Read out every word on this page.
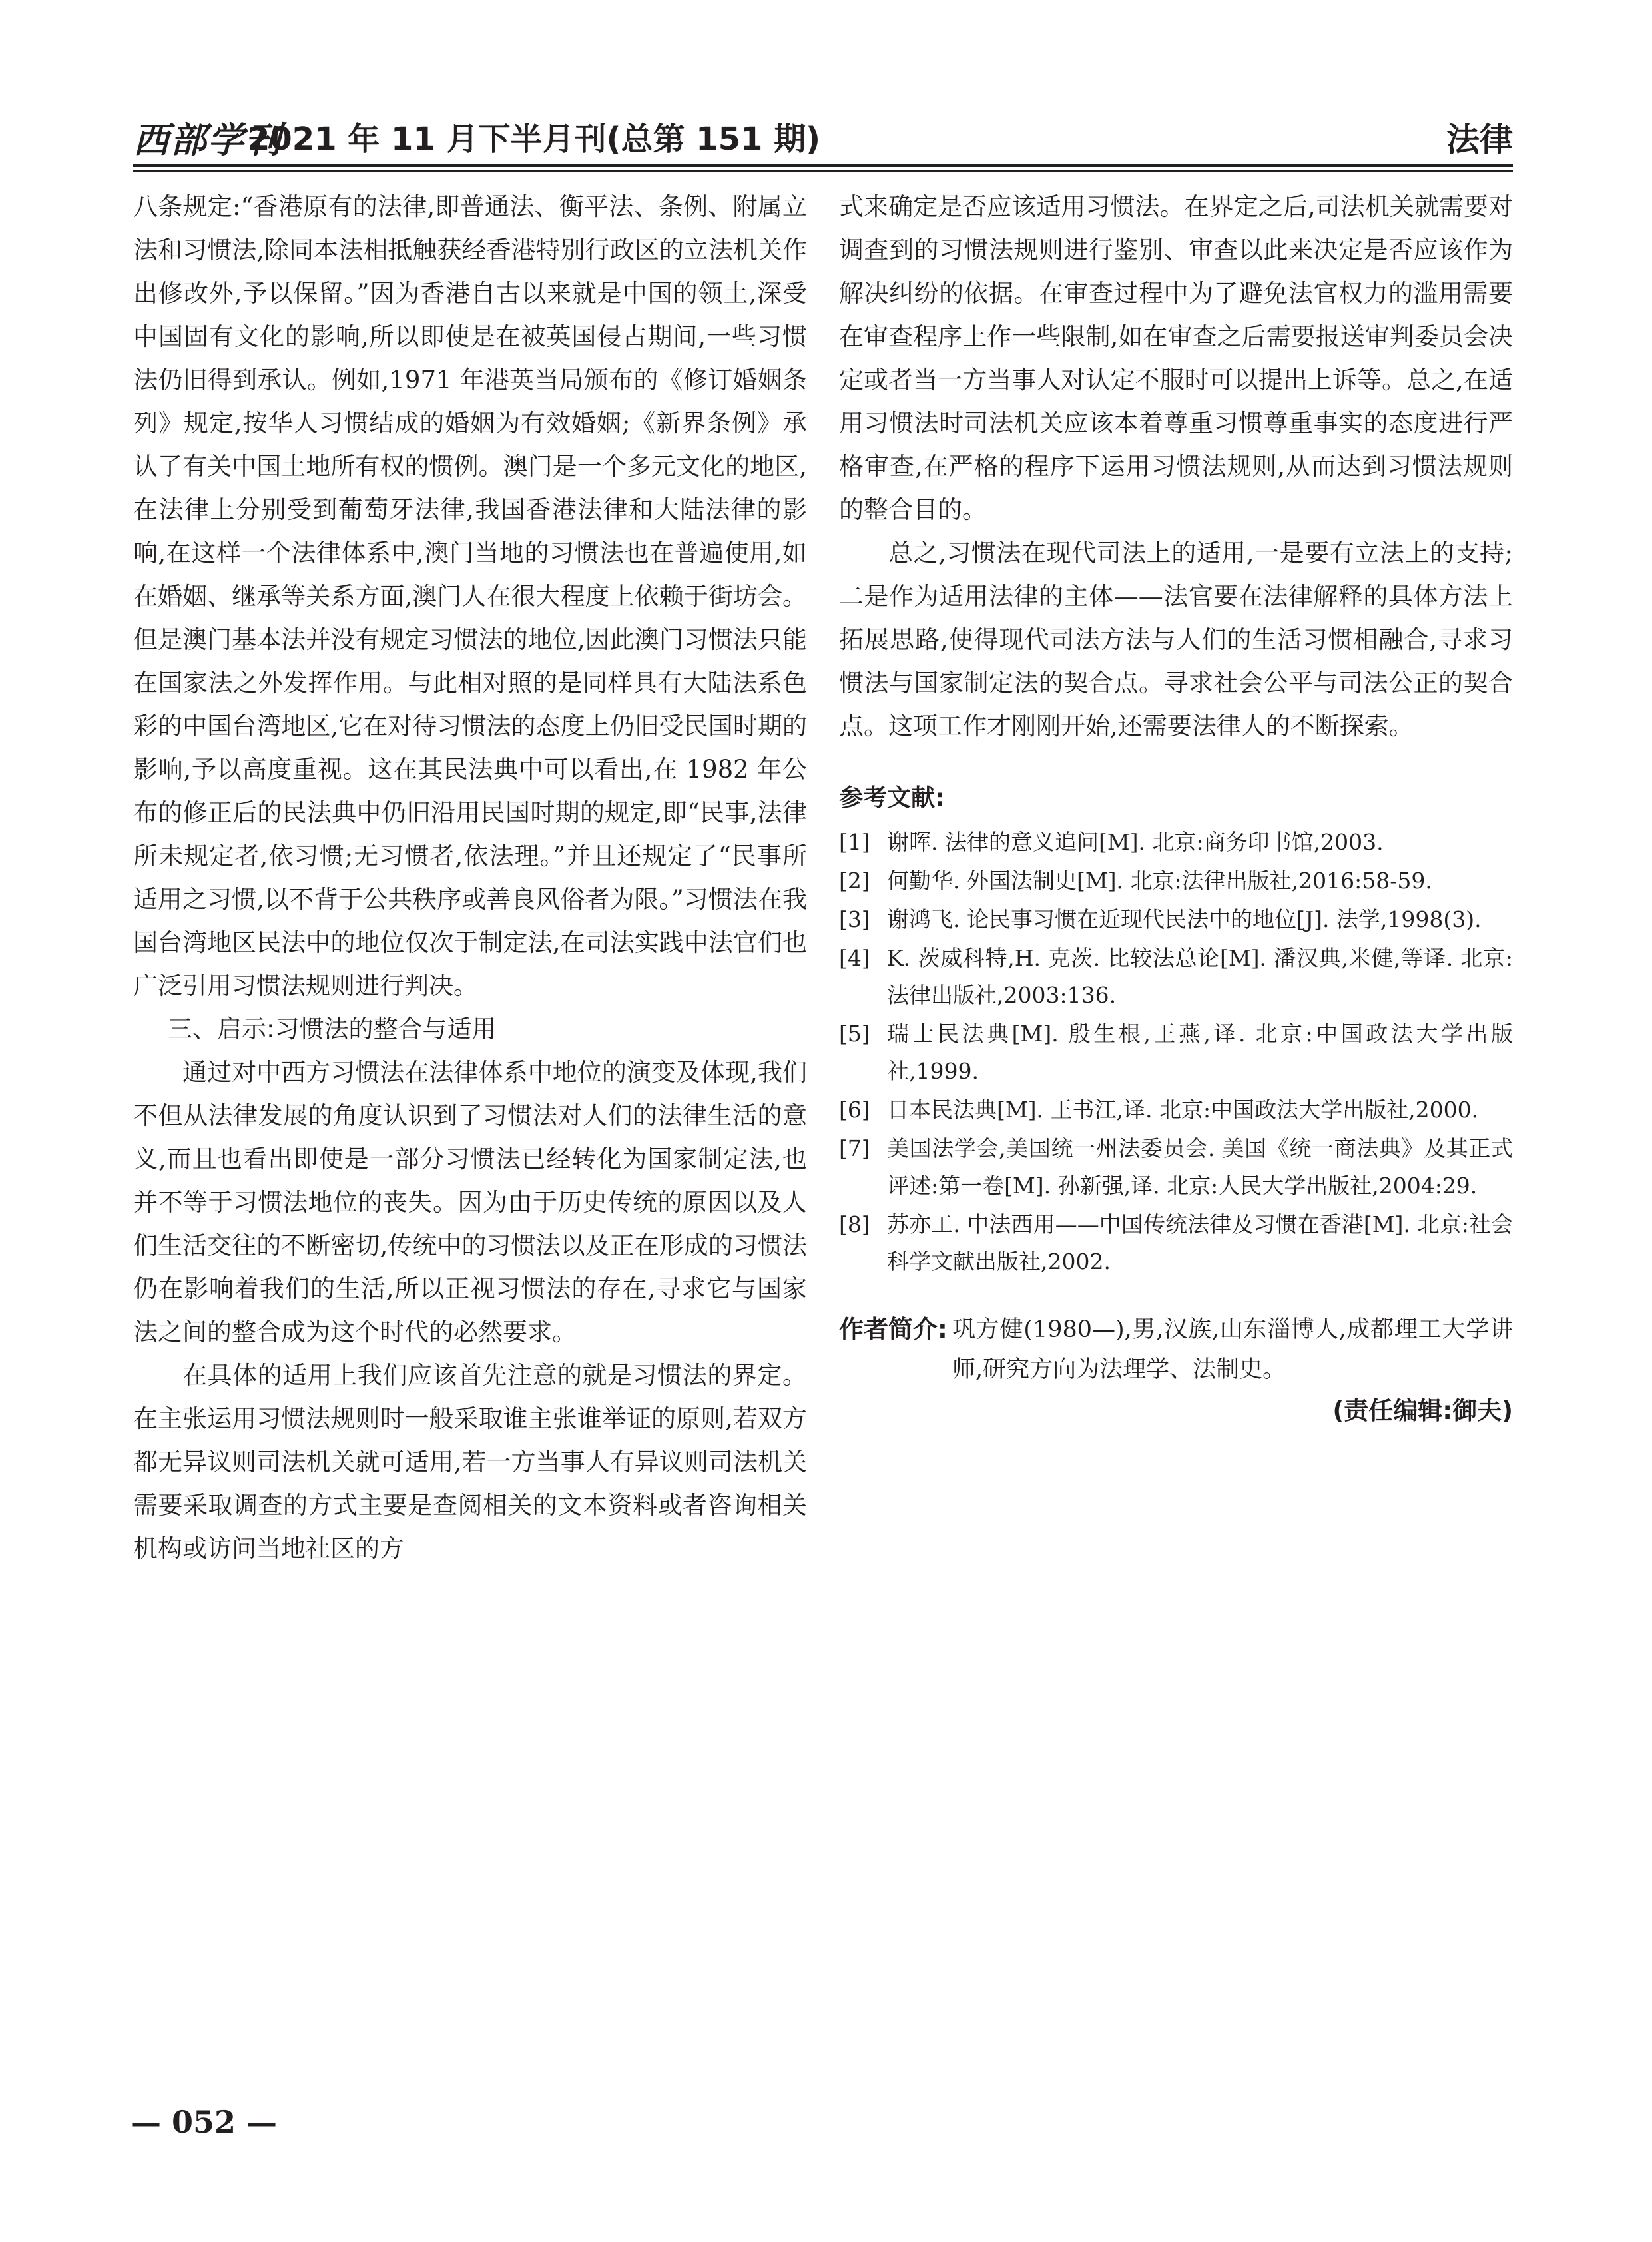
西部学刊
2021 年 11 月下半月刊(总第 151 期)	法律

八条规定:“香港原有的法律,即普通法、衡平法、条例、附属立法和习惯法,除同本法相抵触获经香港特别行政区的立法机关作出修改外,予以保留。”因为香港自古以来就是中国的领土,深受中国固有文化的影响,所以即使是在被英国侵占期间,一些习惯法仍旧得到承认。例如,1971 年港英当局颁布的《修订婚姻条列》规定,按华人习惯结成的婚姻为有效婚姻;《新界条例》承认了有关中国土地所有权的惯例。澳门是一个多元文化的地区,在法律上分别受到葡萄牙法律,我国香港法律和大陆法律的影响,在这样一个法律体系中,澳门当地的习惯法也在普遍使用,如在婚姻、继承等关系方面,澳门人在很大程度上依赖于街坊会。但是澳门基本法并没有规定习惯法的地位,因此澳门习惯法只能在国家法之外发挥作用。与此相对照的是同样具有大陆法系色彩的中国台湾地区,它在对待习惯法的态度上仍旧受民国时期的影响,予以高度重视。这在其民法典中可以看出,在 1982 年公布的修正后的民法典中仍旧沿用民国时期的规定,即“民事,法律所未规定者,依习惯;无习惯者,依法理。”并且还规定了“民事所适用之习惯,以不背于公共秩序或善良风俗者为限。”习惯法在我国台湾地区民法中的地位仅次于制定法,在司法实践中法官们也广泛引用习惯法规则进行判决。

三、启示:习惯法的整合与适用

通过对中西方习惯法在法律体系中地位的演变及体现,我们不但从法律发展的角度认识到了习惯法对人们的法律生活的意义,而且也看出即使是一部分习惯法已经转化为国家制定法,也并不等于习惯法地位的丧失。因为由于历史传统的原因以及人们生活交往的不断密切,传统中的习惯法以及正在形成的习惯法仍在影响着我们的生活,所以正视习惯法的存在,寻求它与国家法之间的整合成为这个时代的必然要求。

在具体的适用上我们应该首先注意的就是习惯法的界定。在主张运用习惯法规则时一般采取谁主张谁举证的原则,若双方都无异议则司法机关就可适用,若一方当事人有异议则司法机关需要采取调查的方式主要是查阅相关的文本资料或者咨询相关机构或访问当地社区的方

式来确定是否应该适用习惯法。在界定之后,司法机关就需要对调查到的习惯法规则进行鉴别、审查以此来决定是否应该作为解决纠纷的依据。在审查过程中为了避免法官权力的滥用需要在审查程序上作一些限制,如在审查之后需要报送审判委员会决定或者当一方当事人对认定不服时可以提出上诉等。总之,在适用习惯法时司法机关应该本着尊重习惯尊重事实的态度进行严格审查,在严格的程序下运用习惯法规则,从而达到习惯法规则的整合目的。

总之,习惯法在现代司法上的适用,一是要有立法上的支持;二是作为适用法律的主体——法官要在法律解释的具体方法上拓展思路,使得现代司法方法与人们的生活习惯相融合,寻求习惯法与国家制定法的契合点。寻求社会公平与司法公正的契合点。这项工作才刚刚开始,还需要法律人的不断探索。

参考文献:
[1] 谢晖. 法律的意义追问[M]. 北京:商务印书馆,2003.
[2] 何勤华. 外国法制史[M]. 北京:法律出版社,2016:58-59.
[3] 谢鸿飞. 论民事习惯在近现代民法中的地位[J]. 法学,1998(3).
[4] K. 茨威科特,H. 克茨. 比较法总论[M]. 潘汉典,米健,等译. 北京:法律出版社,2003:136.
[5] 瑞士民法典[M]. 殷生根,王燕,译. 北京:中国政法大学出版社,1999.
[6] 日本民法典[M]. 王书江,译. 北京:中国政法大学出版社,2000.
[7] 美国法学会,美国统一州法委员会. 美国《统一商法典》及其正式评述:第一卷[M]. 孙新强,译. 北京:人民大学出版社,2004:29.
[8] 苏亦工. 中法西用——中国传统法律及习惯在香港[M]. 北京:社会科学文献出版社,2002.
作者简介: 巩方健(1980—),男,汉族,山东淄博人,成都理工大学讲师,研究方向为法理学、法制史。
(责任编辑:御夫)
— 052 —
